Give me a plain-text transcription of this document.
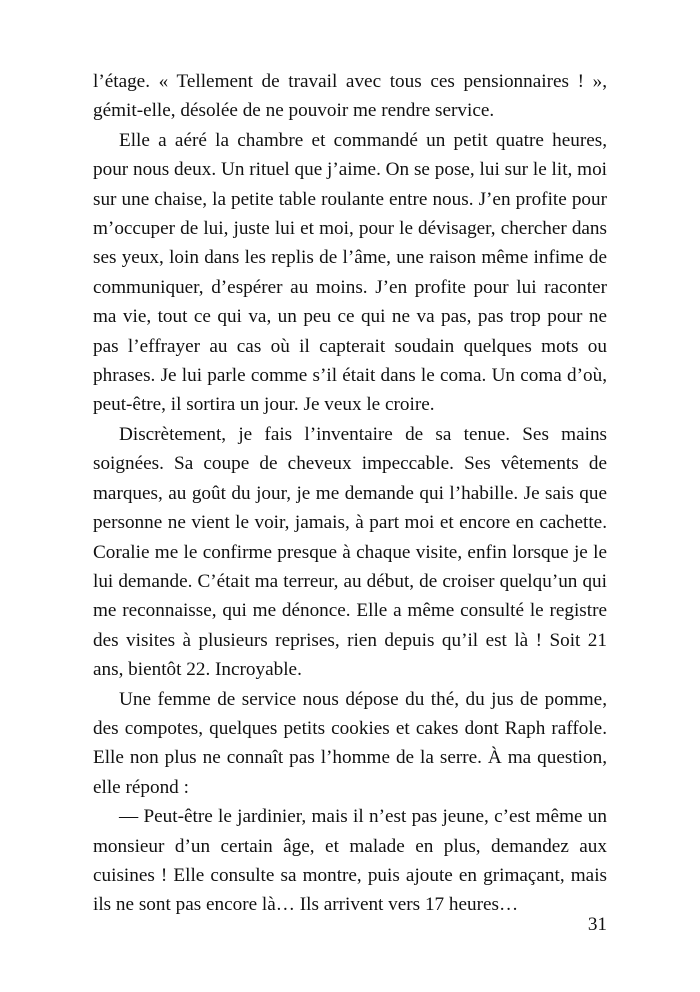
l’étage. « Tellement de travail avec tous ces pensionnaires ! », gémit-elle, désolée de ne pouvoir me rendre service.

Elle a aéré la chambre et commandé un petit quatre heures, pour nous deux. Un rituel que j’aime. On se pose, lui sur le lit, moi sur une chaise, la petite table roulante entre nous. J’en profite pour m’occuper de lui, juste lui et moi, pour le dévisager, chercher dans ses yeux, loin dans les replis de l’âme, une raison même infime de communiquer, d’espérer au moins. J’en profite pour lui raconter ma vie, tout ce qui va, un peu ce qui ne va pas, pas trop pour ne pas l’effrayer au cas où il capterait soudain quelques mots ou phrases. Je lui parle comme s’il était dans le coma. Un coma d’où, peut-être, il sortira un jour. Je veux le croire.

Discrètement, je fais l’inventaire de sa tenue. Ses mains soignées. Sa coupe de cheveux impeccable. Ses vêtements de marques, au goût du jour, je me demande qui l’habille. Je sais que personne ne vient le voir, jamais, à part moi et encore en cachette. Coralie me le confirme presque à chaque visite, enfin lorsque je le lui demande. C’était ma terreur, au début, de croiser quelqu’un qui me reconnaisse, qui me dénonce. Elle a même consulté le registre des visites à plusieurs reprises, rien depuis qu’il est là ! Soit 21 ans, bientôt 22. Incroyable.

Une femme de service nous dépose du thé, du jus de pomme, des compotes, quelques petits cookies et cakes dont Raph raffole. Elle non plus ne connaît pas l’homme de la serre. À ma question, elle répond :

— Peut-être le jardinier, mais il n’est pas jeune, c’est même un monsieur d’un certain âge, et malade en plus, demandez aux cuisines ! Elle consulte sa montre, puis ajoute en grimaçant, mais ils ne sont pas encore là… Ils arrivent vers 17 heures…

31
